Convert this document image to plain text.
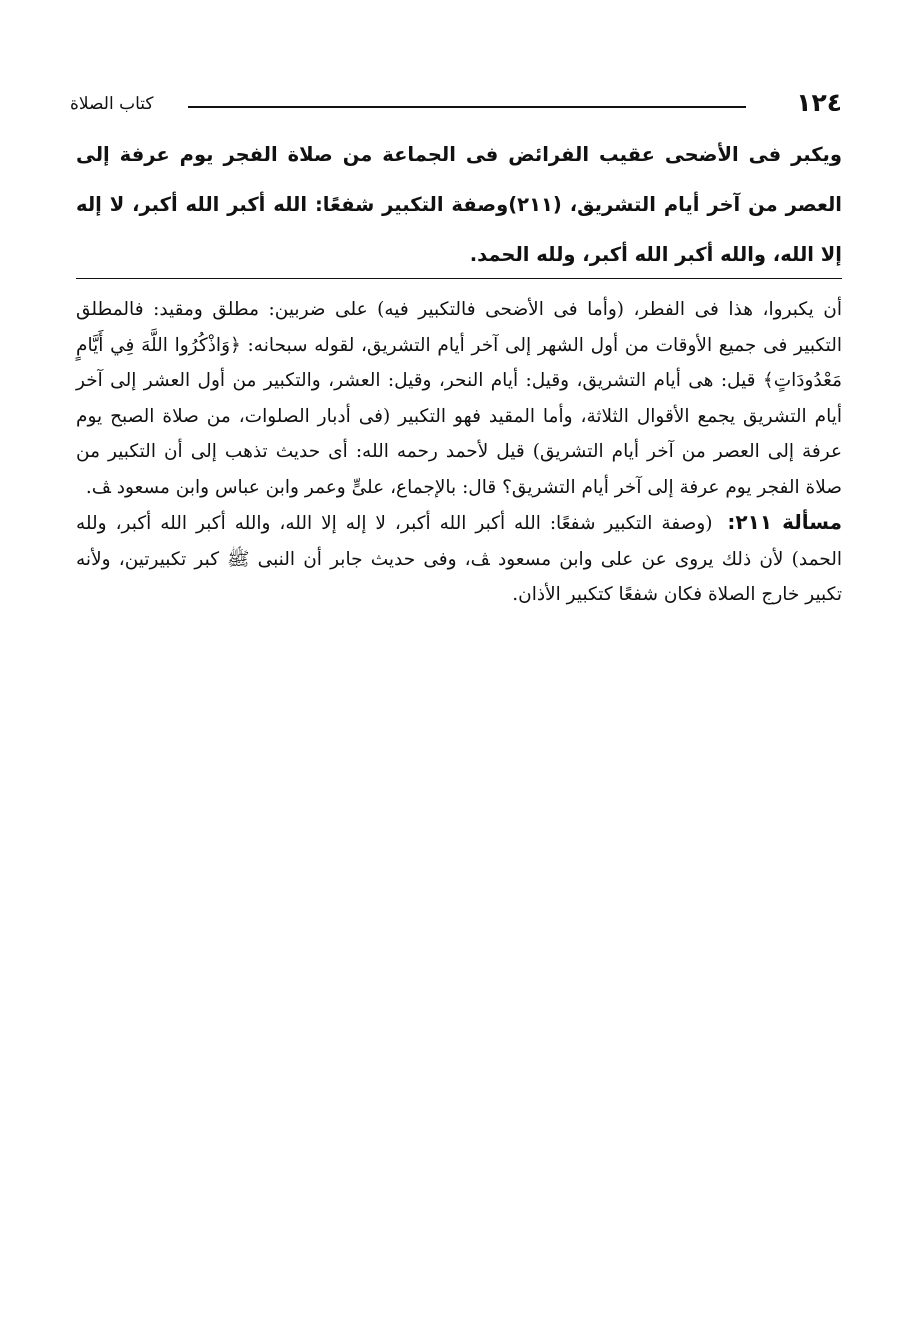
كتاب الصلاة	١٢٤

ويكبر فى الأضحى عقيب الفرائض فى الجماعة من صلاة الفجر يوم عرفة إلى العصر من آخر أيام التشريق، (٢١١)وصفة التكبير شفعًا: الله أكبر الله أكبر، لا إله إلا الله، والله أكبر الله أكبر، ولله الحمد.

أن يكبروا، هذا فى الفطر، (وأما فى الأضحى فالتكبير فيه) على ضربين: مطلق ومقيد: فالمطلق التكبير فى جميع الأوقات من أول الشهر إلى آخر أيام التشريق، لقوله سبحانه: ﴿وَاذْكُرُوا اللَّهَ فِي أَيَّامٍ مَعْدُودَاتٍ﴾ قيل: هى أيام التشريق، وقيل: أيام النحر، وقيل: العشر، والتكبير من أول العشر إلى آخر أيام التشريق يجمع الأقوال الثلاثة، وأما المقيد فهو التكبير (فى أدبار الصلوات، من صلاة الصبح يوم عرفة إلى العصر من آخر أيام التشريق) قيل لأحمد رحمه الله: أى حديث تذهب إلى أن التكبير من صلاة الفجر يوم عرفة إلى آخر أيام التشريق؟ قال: بالإجماع، علىٍّ وعمر وابن عباس وابن مسعود ﭫ.

مسألة ٢١١: (وصفة التكبير شفعًا: الله أكبر الله أكبر، لا إله إلا الله، والله أكبر الله أكبر، ولله الحمد) لأن ذلك يروى عن على وابن مسعود ﭫ، وفى حديث جابر أن النبى ﷺ كبر تكبيرتين، ولأنه تكبير خارج الصلاة فكان شفعًا كتكبير الأذان.
